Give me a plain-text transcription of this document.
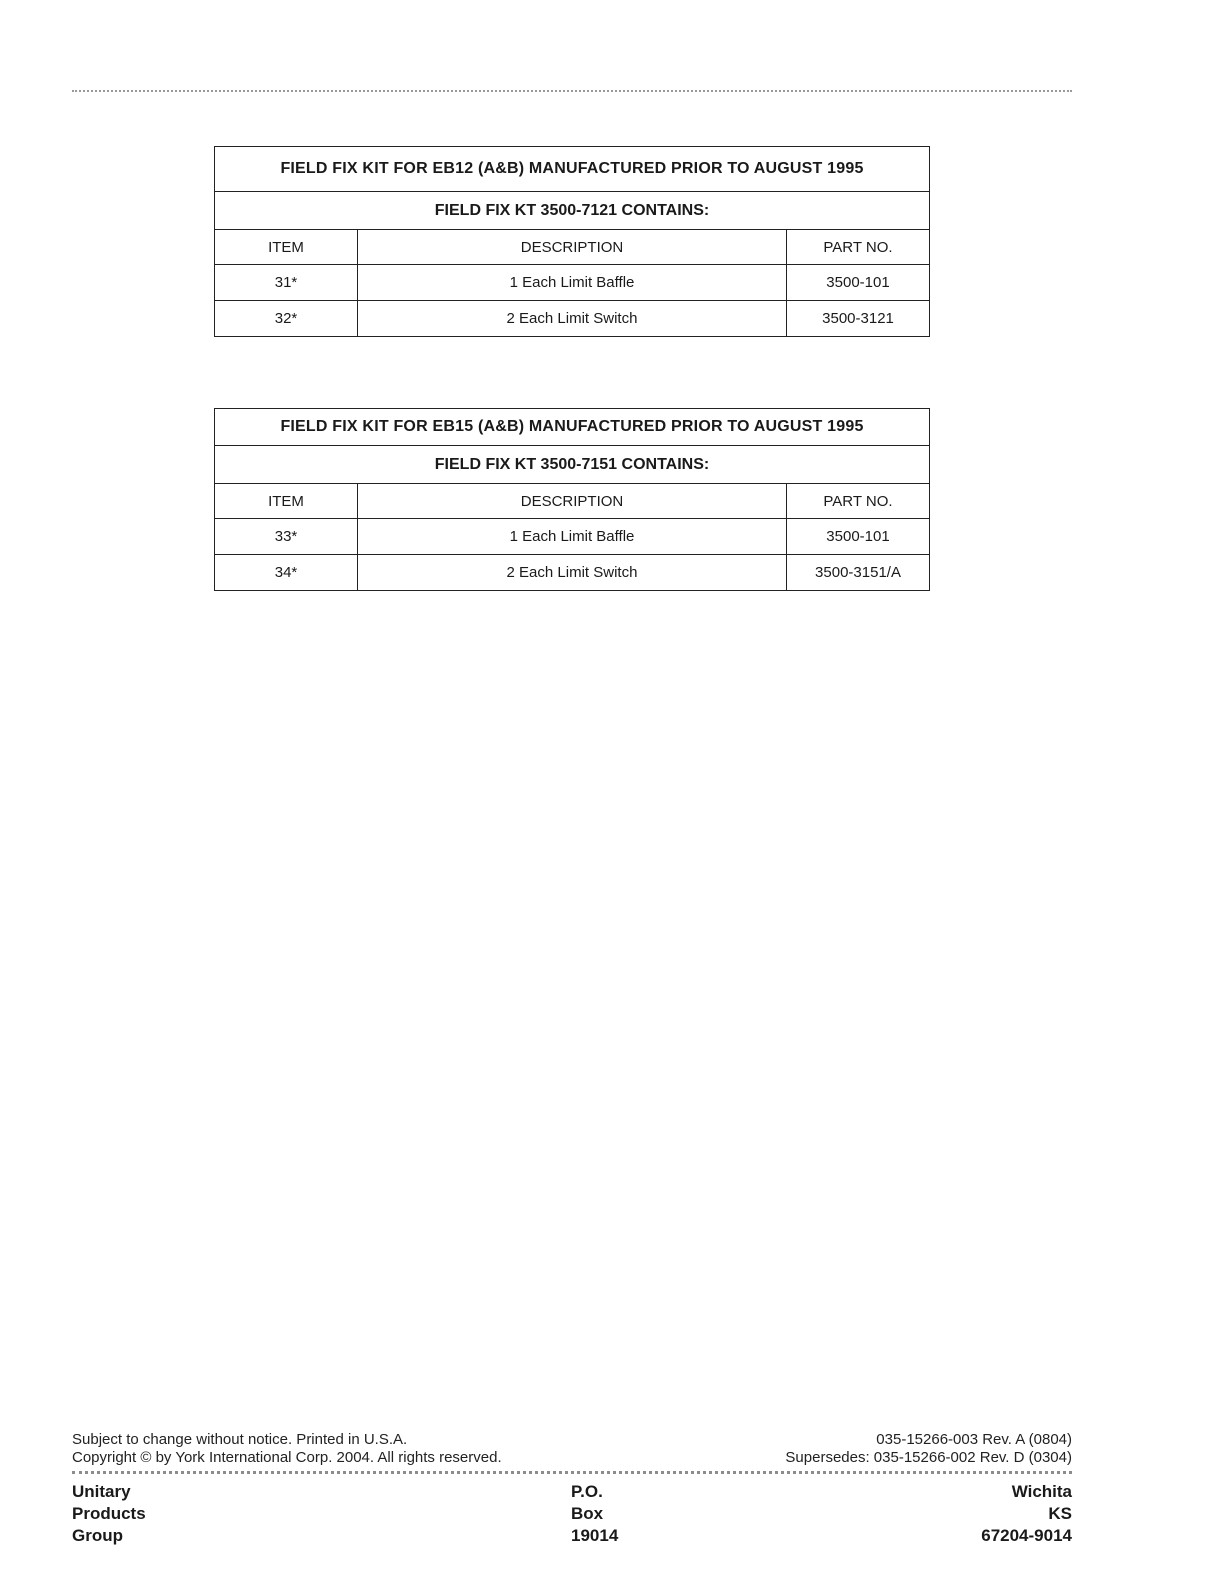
FIELD FIX KIT FOR EB12 (A&B) MANUFACTURED PRIOR TO AUGUST 1995		
FIELD FIX KT 3500-7121 CONTAINS:		
ITEM	DESCRIPTION	PART NO.
31*	1 Each Limit Baffle	3500-101
32*	2 Each Limit Switch	3500-3121
FIELD FIX KIT FOR EB15 (A&B) MANUFACTURED PRIOR TO AUGUST 1995		
FIELD FIX KT 3500-7151 CONTAINS:		
ITEM	DESCRIPTION	PART NO.
33*	1 Each Limit Baffle	3500-101
34*	2 Each Limit Switch	3500-3151/A
Subject to change without notice. Printed in U.S.A.
Copyright © by York International Corp. 2004. All rights reserved.
035-15266-003 Rev. A (0804)
Supersedes: 035-15266-002 Rev. D (0304)
Unitary
Products
Group
P.O.
Box
19014
Wichita
KS
67204-9014
